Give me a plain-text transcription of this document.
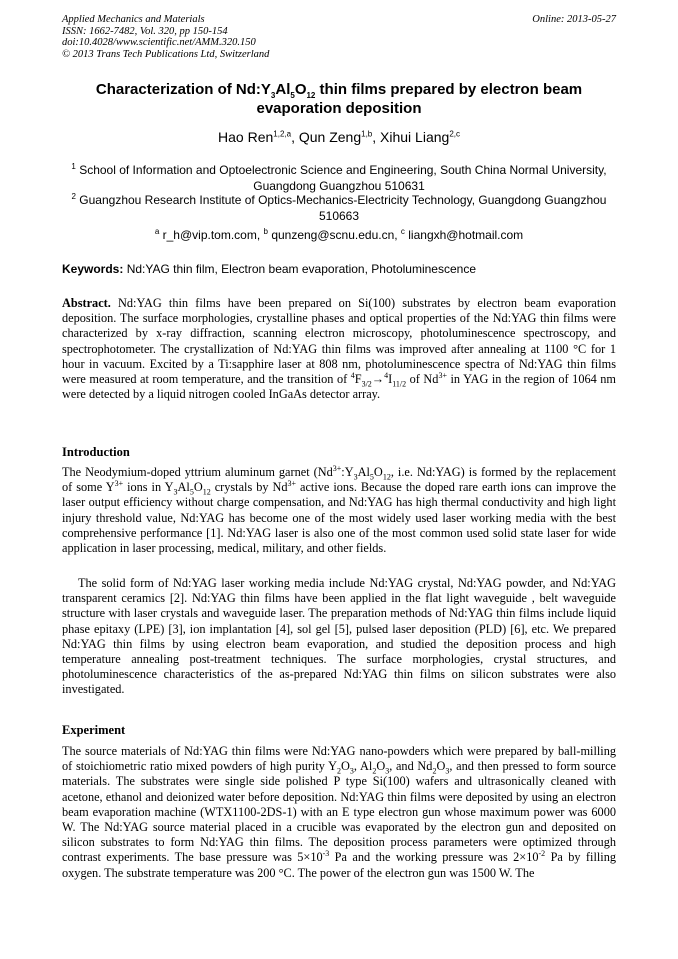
Applied Mechanics and Materials
ISSN: 1662-7482, Vol. 320, pp 150-154
doi:10.4028/www.scientific.net/AMM.320.150
© 2013 Trans Tech Publications Ltd, Switzerland
Online: 2013-05-27
Characterization of $Nd:Y_3Al_5O_{12}$ thin films prepared by electron beam evaporation deposition
Hao Ren$^{1,2,a}$, Qun Zeng$^{1,b}$, Xihui Liang$^{2,c}$
$^1$ School of Information and Optoelectronic Science and Engineering, South China Normal University, Guangdong Guangzhou 510631
$^2$ Guangzhou Research Institute of Optics-Mechanics-Electricity Technology, Guangdong Guangzhou 510663
$^a$ r_h@vip.tom.com, $^b$ qunzeng@scnu.edu.cn, $^c$ liangxh@hotmail.com
Keywords: Nd:YAG thin film, Electron beam evaporation, Photoluminescence
Abstract. Nd:YAG thin films have been prepared on Si(100) substrates by electron beam evaporation deposition. The surface morphologies, crystalline phases and optical properties of the Nd:YAG thin films were characterized by x-ray diffraction, scanning electron microscopy, photoluminescence spectroscopy, and spectrophotometer. The crystallization of Nd:YAG thin films was improved after annealing at 1100 °C for 1 hour in vacuum. Excited by a Ti:sapphire laser at 808 nm, photoluminescence spectra of Nd:YAG thin films were measured at room temperature, and the transition of $^4F_{3/2}\to^4I_{11/2}$ of $Nd^{3+}$ in YAG in the region of 1064 nm were detected by a liquid nitrogen cooled InGaAs detector array.
Introduction
The Neodymium-doped yttrium aluminum garnet ($Nd^{3+}:Y_3Al_5O_{12}$, i.e. Nd:YAG) is formed by the replacement of some $Y^{3+}$ ions in $Y_3Al_5O_{12}$ crystals by $Nd^{3+}$ active ions. Because the doped rare earth ions can improve the laser output efficiency without charge compensation, and Nd:YAG has high thermal conductivity and high light injury threshold value, Nd:YAG has become one of the most widely used laser working media with the best comprehensive performance [1]. Nd:YAG laser is also one of the most common used solid state laser for wide application in laser processing, medical, military, and other fields.
The solid form of Nd:YAG laser working media include Nd:YAG crystal, Nd:YAG powder, and Nd:YAG transparent ceramics [2]. Nd:YAG thin films have been applied in the flat light waveguide , belt waveguide structure with laser crystals and waveguide laser. The preparation methods of Nd:YAG thin films include liquid phase epitaxy (LPE) [3], ion implantation [4], sol gel [5], pulsed laser deposition (PLD) [6], etc. We prepared Nd:YAG thin films by using electron beam evaporation, and studied the deposition process and high temperature annealing post-treatment techniques. The surface morphologies, crystal structures, and photoluminescence characteristics of the as-prepared Nd:YAG thin films on silicon substrates were also investigated.
Experiment
The source materials of Nd:YAG thin films were Nd:YAG nano-powders which were prepared by ball-milling of stoichiometric ratio mixed powders of high purity $Y_2O_3$, $Al_2O_3$, and $Nd_2O_3$, and then pressed to form source materials. The substrates were single side polished P type Si(100) wafers and ultrasonically cleaned with acetone, ethanol and deionized water before deposition. Nd:YAG thin films were deposited by using an electron beam evaporation machine (WTX1100-2DS-1) with an E type electron gun whose maximum power was 6000 W. The Nd:YAG source material placed in a crucible was evaporated by the electron gun and deposited on silicon substrates to form Nd:YAG thin films. The deposition process parameters were optimized through contrast experiments. The base pressure was $5\times 10^{-3}$ Pa and the working pressure was $2\times 10^{-2}$ Pa by filling oxygen. The substrate temperature was 200 °C. The power of the electron gun was 1500 W. The
